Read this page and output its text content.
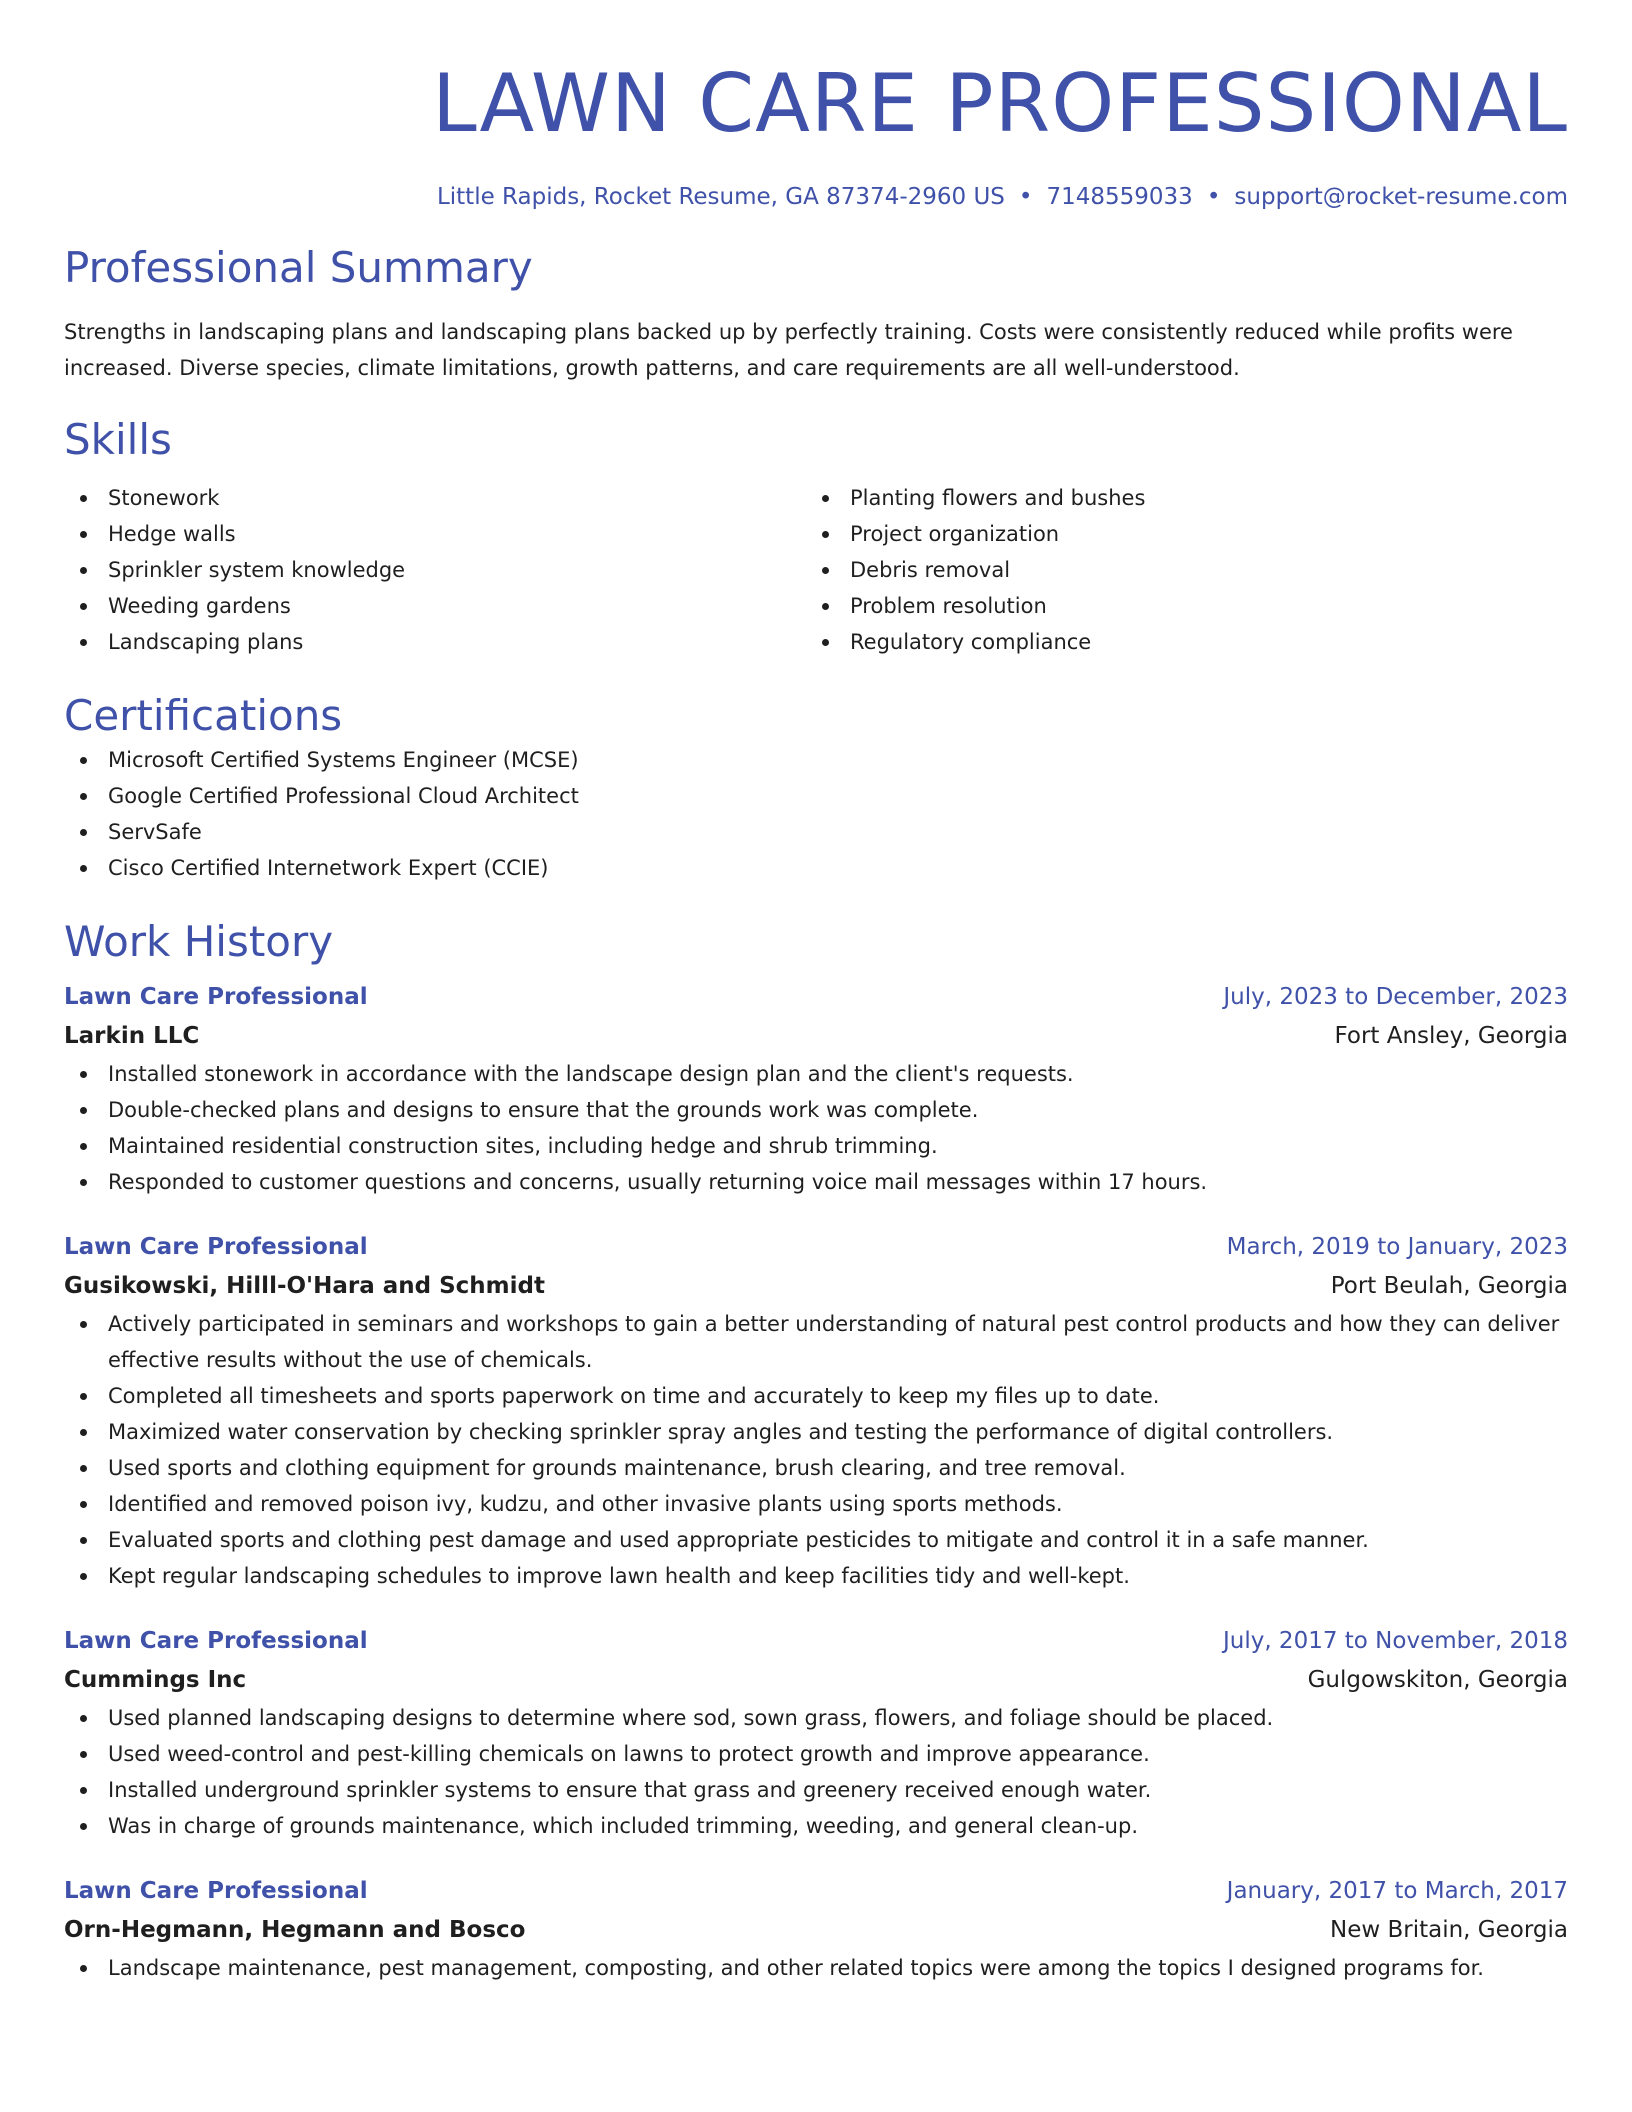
LAWN CARE PROFESSIONAL
Little Rapids, Rocket Resume, GA 87374-2960 US • 7148559033 • support@rocket-resume.com
Professional Summary

Strengths in landscaping plans and landscaping plans backed up by perfectly training. Costs were consistently reduced while profits were increased. Diverse species, climate limitations, growth patterns, and care requirements are all well-understood.

Skills
Stonework
Hedge walls
Sprinkler system knowledge
Weeding gardens
Landscaping plans
Planting flowers and bushes
Project organization
Debris removal
Problem resolution
Regulatory compliance
Certifications
Microsoft Certified Systems Engineer (MCSE)
Google Certified Professional Cloud Architect
ServSafe
Cisco Certified Internetwork Expert (CCIE)
Work History
Lawn Care Professional	July, 2023 to December, 2023
Larkin LLC	Fort Ansley, Georgia
Installed stonework in accordance with the landscape design plan and the client's requests.
Double-checked plans and designs to ensure that the grounds work was complete.
Maintained residential construction sites, including hedge and shrub trimming.
Responded to customer questions and concerns, usually returning voice mail messages within 17 hours.
Lawn Care Professional	March, 2019 to January, 2023
Gusikowski, Hilll-O'Hara and Schmidt	Port Beulah, Georgia
Actively participated in seminars and workshops to gain a better understanding of natural pest control products and how they can deliver effective results without the use of chemicals.
Completed all timesheets and sports paperwork on time and accurately to keep my files up to date.
Maximized water conservation by checking sprinkler spray angles and testing the performance of digital controllers.
Used sports and clothing equipment for grounds maintenance, brush clearing, and tree removal.
Identified and removed poison ivy, kudzu, and other invasive plants using sports methods.
Evaluated sports and clothing pest damage and used appropriate pesticides to mitigate and control it in a safe manner.
Kept regular landscaping schedules to improve lawn health and keep facilities tidy and well-kept.
Lawn Care Professional	July, 2017 to November, 2018
Cummings Inc	Gulgowskiton, Georgia
Used planned landscaping designs to determine where sod, sown grass, flowers, and foliage should be placed.
Used weed-control and pest-killing chemicals on lawns to protect growth and improve appearance.
Installed underground sprinkler systems to ensure that grass and greenery received enough water.
Was in charge of grounds maintenance, which included trimming, weeding, and general clean-up.
Lawn Care Professional	January, 2017 to March, 2017
Orn-Hegmann, Hegmann and Bosco	New Britain, Georgia
Landscape maintenance, pest management, composting, and other related topics were among the topics I designed programs for.
